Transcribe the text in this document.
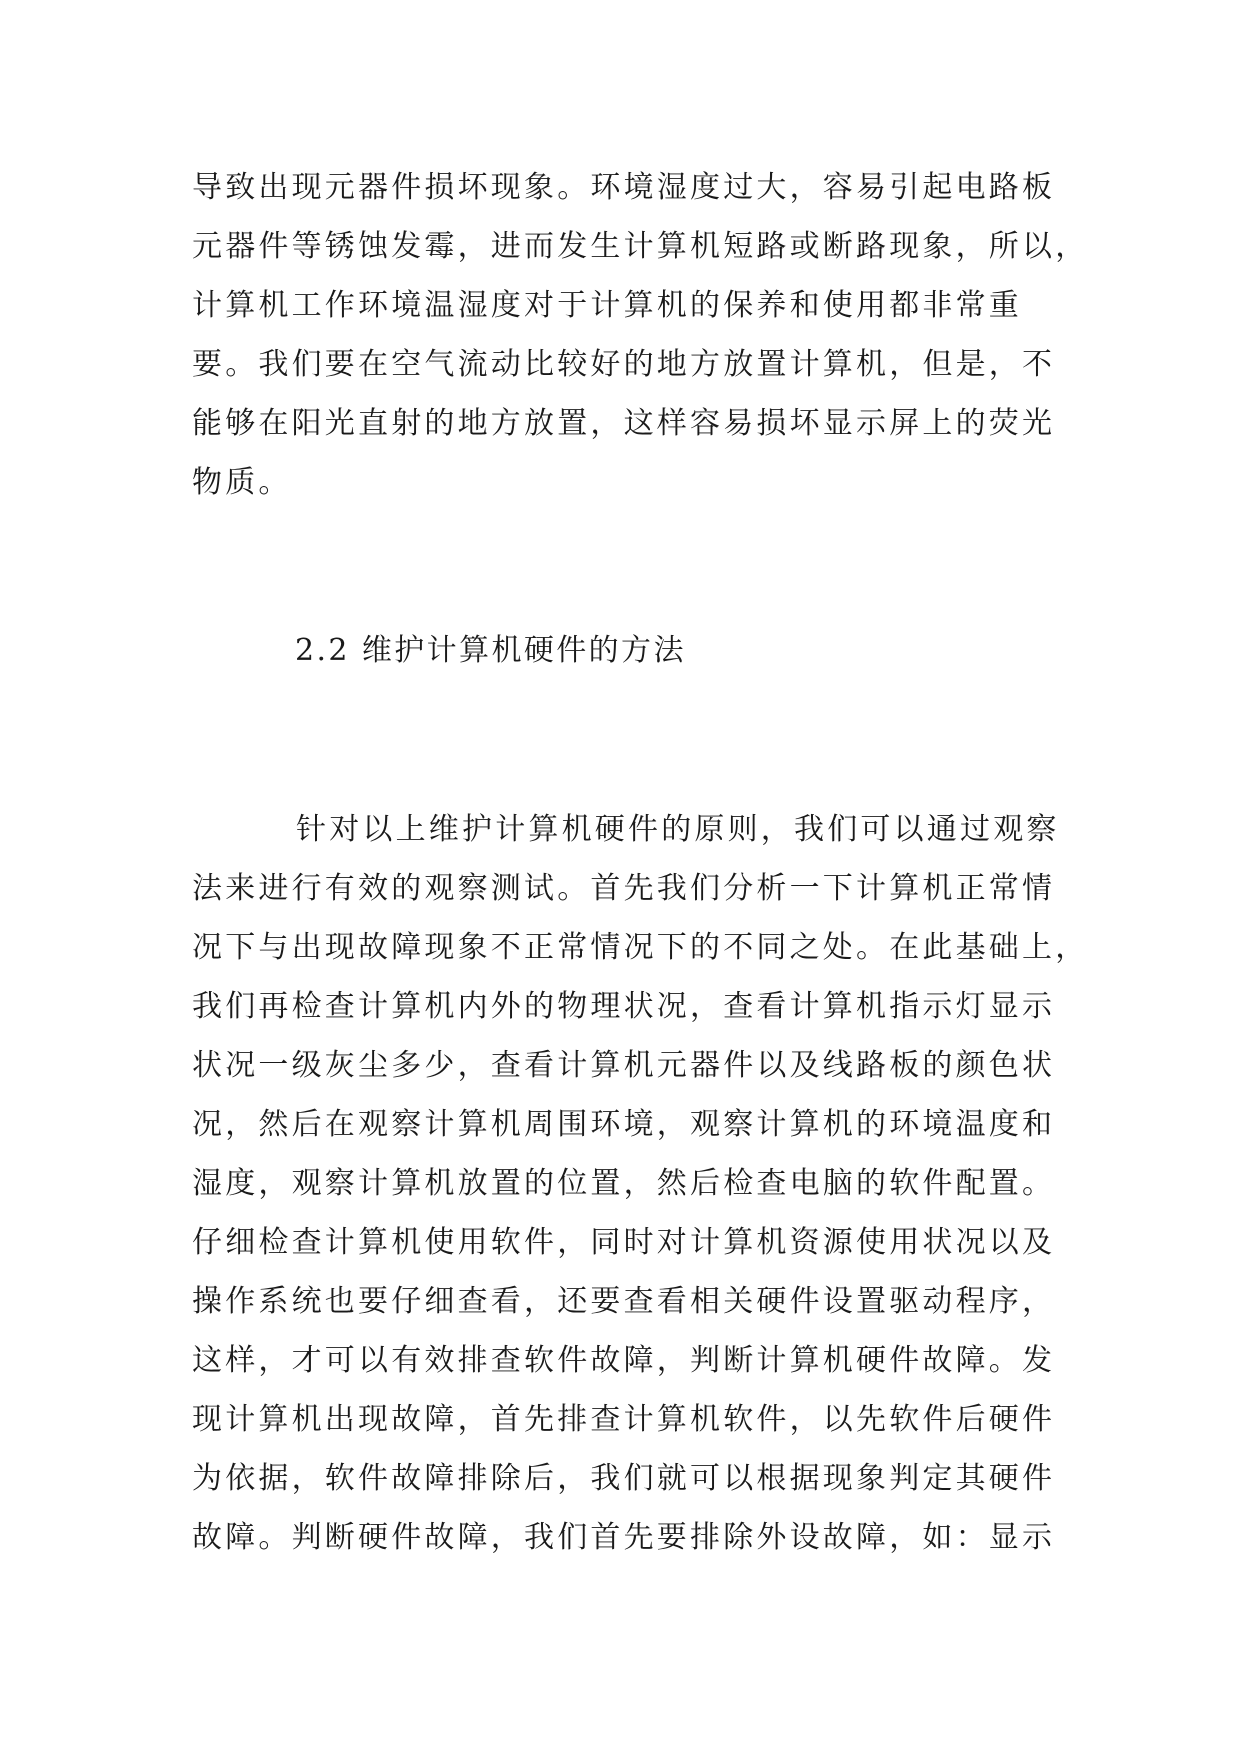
导致出现元器件损坏现象。环境湿度过大，容易引起电路板
元器件等锈蚀发霉，进而发生计算机短路或断路现象，所以，
计算机工作环境温湿度对于计算机的保养和使用都非常重
要。我们要在空气流动比较好的地方放置计算机，但是，不
能够在阳光直射的地方放置，这样容易损坏显示屏上的荧光
物质。
2.2 维护计算机硬件的方法
针对以上维护计算机硬件的原则，我们可以通过观察
法来进行有效的观察测试。首先我们分析一下计算机正常情
况下与出现故障现象不正常情况下的不同之处。在此基础上，
我们再检查计算机内外的物理状况，查看计算机指示灯显示
状况一级灰尘多少，查看计算机元器件以及线路板的颜色状
况，然后在观察计算机周围环境，观察计算机的环境温度和
湿度，观察计算机放置的位置，然后检查电脑的软件配置。
仔细检查计算机使用软件，同时对计算机资源使用状况以及
操作系统也要仔细查看，还要查看相关硬件设置驱动程序，
这样，才可以有效排查软件故障，判断计算机硬件故障。发
现计算机出现故障，首先排查计算机软件，以先软件后硬件
为依据，软件故障排除后，我们就可以根据现象判定其硬件
故障。判断硬件故障，我们首先要排除外设故障，如：显示
